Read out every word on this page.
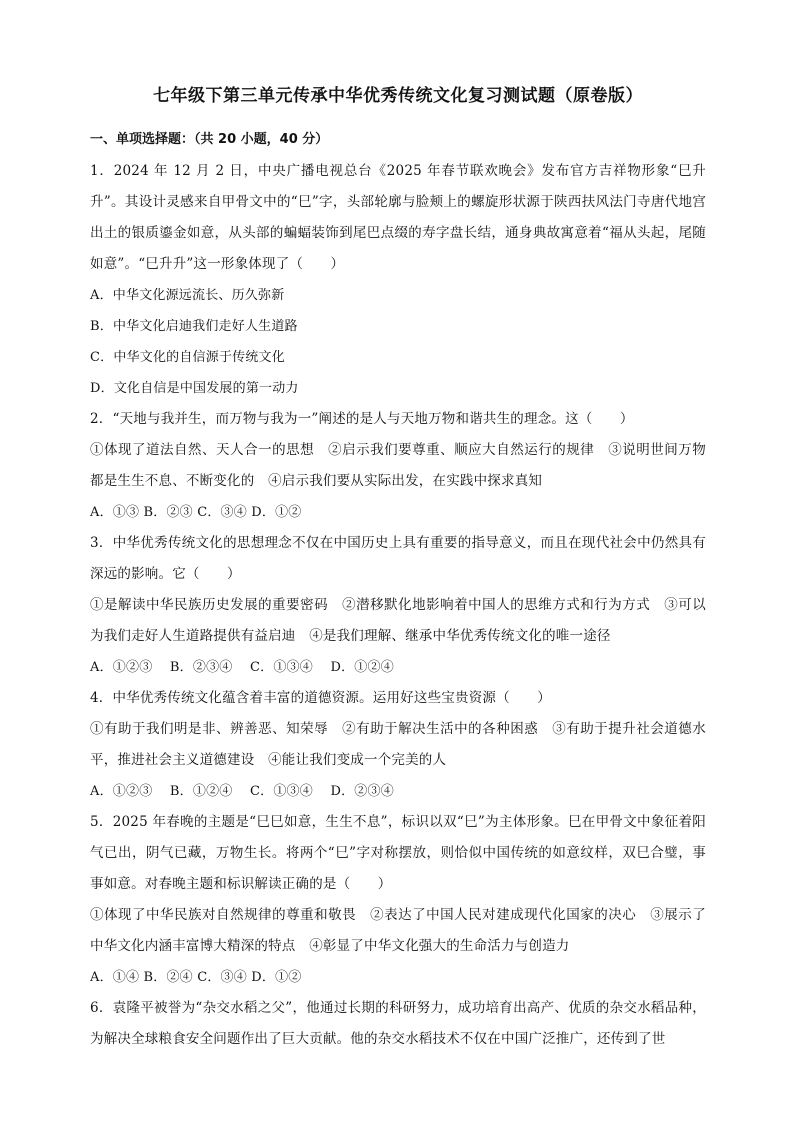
七年级下第三单元传承中华优秀传统文化复习测试题（原卷版）
一、单项选择题：（共 20 小题，40 分）

1．2024 年 12 月 2 日，中央广播电视总台《2025 年春节联欢晚会》发布官方吉祥物形象“巳升升”。其设计灵感来自甲骨文中的“巳”字，头部轮廓与脸颊上的螺旋形状源于陕西扶风法门寺唐代地宫出土的银质鎏金如意，从头部的蝙蝠装饰到尾巴点缀的寿字盘长结，通身典故寓意着“福从头起，尾随如意”。“巳升升”这一形象体现了（　　）

A．中华文化源远流长、历久弥新

B．中华文化启迪我们走好人生道路

C．中华文化的自信源于传统文化

D．文化自信是中国发展的第一动力

2．“天地与我并生，而万物与我为一”阐述的是人与天地万物和谐共生的理念。这（　　）

①体现了道法自然、天人合一的思想　②启示我们要尊重、顺应大自然运行的规律　③说明世间万物都是生生不息、不断变化的　④启示我们要从实际出发，在实践中探求真知

A．①③ B．②③ C．③④ D．①②

3．中华优秀传统文化的思想理念不仅在中国历史上具有重要的指导意义，而且在现代社会中仍然具有深远的影响。它（　　）

①是解读中华民族历史发展的重要密码　②潜移默化地影响着中国人的思维方式和行为方式　③可以为我们走好人生道路提供有益启迪　④是我们理解、继承中华优秀传统文化的唯一途径

A．①②③　 B．②③④　 C．①③④　 D．①②④

4．中华优秀传统文化蕴含着丰富的道德资源。运用好这些宝贵资源（　　）

①有助于我们明是非、辨善恶、知荣辱　②有助于解决生活中的各种困惑　③有助于提升社会道德水平，推进社会主义道德建设　④能让我们变成一个完美的人

A．①②③　 B．①②④　 C．①③④　 D．②③④

5．2025 年春晚的主题是“巳巳如意，生生不息”，标识以双“巳”为主体形象。巳在甲骨文中象征着阳气已出，阴气已藏，万物生长。将两个“巳”字对称摆放，则恰似中国传统的如意纹样，双巳合璧，事事如意。对春晚主题和标识解读正确的是（　　）

①体现了中华民族对自然规律的尊重和敬畏　②表达了中国人民对建成现代化国家的决心　③展示了中华文化内涵丰富博大精深的特点　④彰显了中华文化强大的生命活力与创造力

A．①④ B．②④ C．③④ D．①②

6．袁隆平被誉为“杂交水稻之父”，他通过长期的科研努力，成功培育出高产、优质的杂交水稻品种，为解决全球粮食安全问题作出了巨大贡献。他的杂交水稻技术不仅在中国广泛推广，还传到了世
